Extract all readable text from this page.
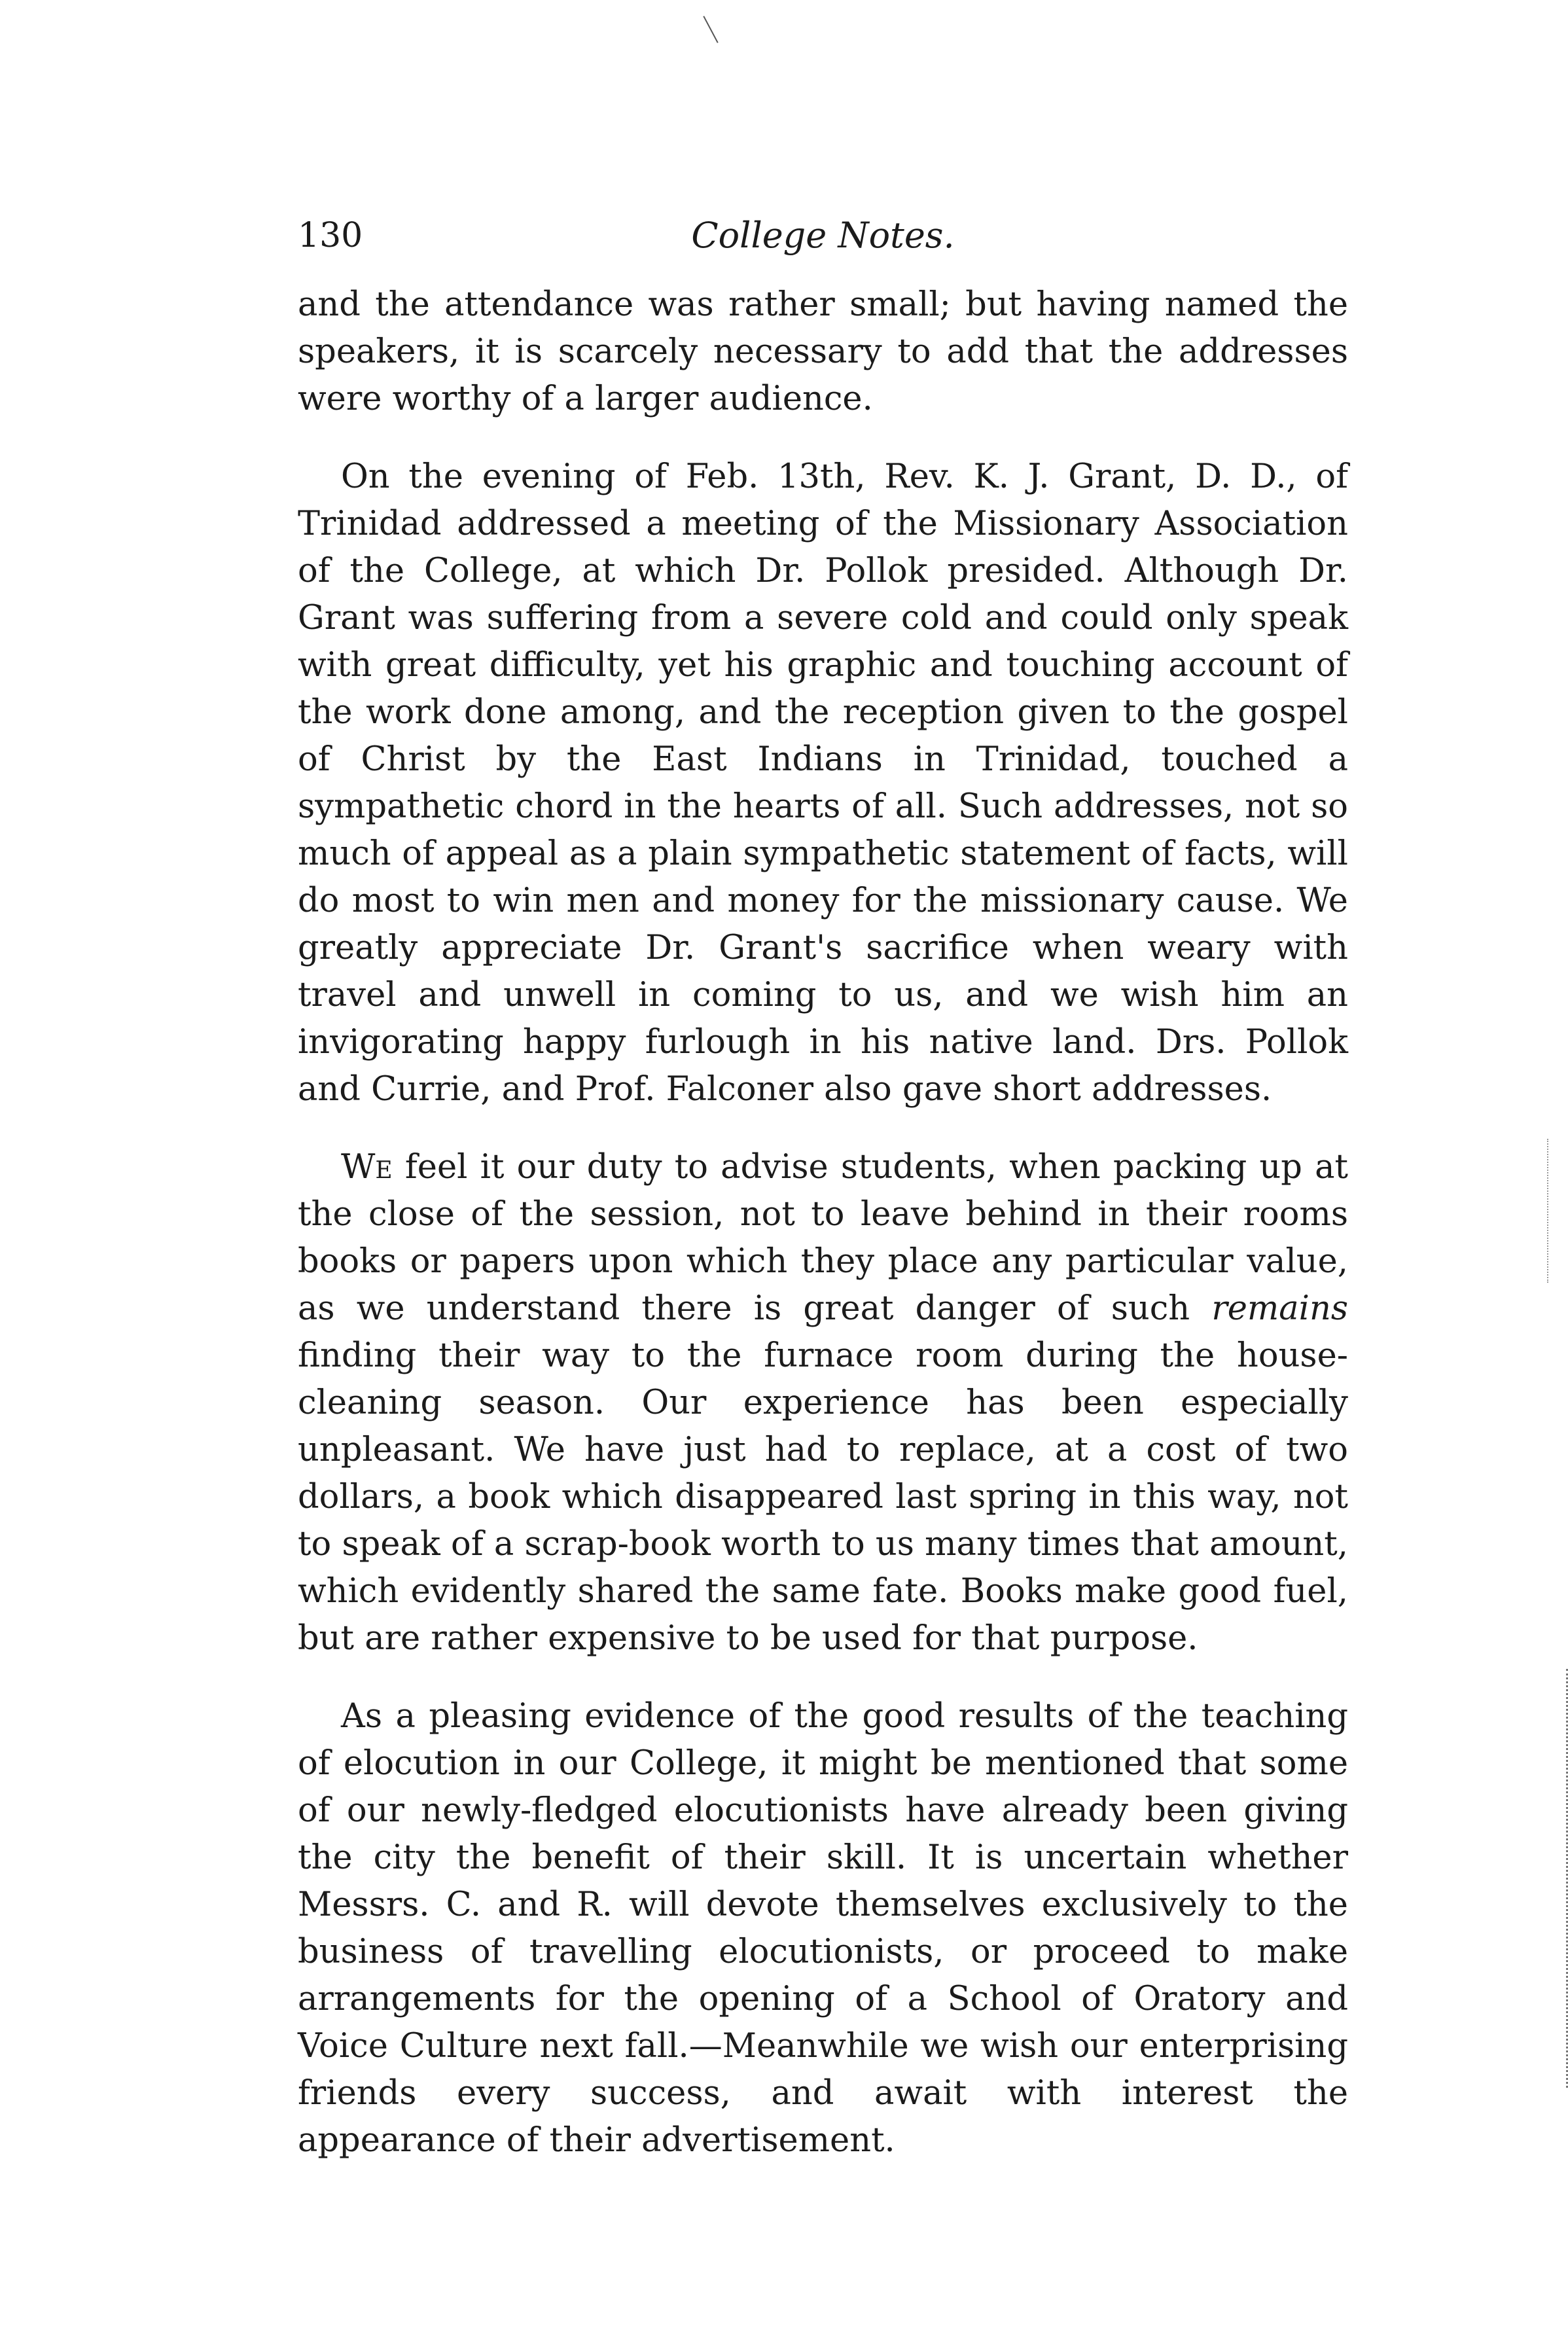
130	College Notes.

and the attendance was rather small; but having named the speakers, it is scarcely necessary to add that the addresses were worthy of a larger audience.

On the evening of Feb. 13th, Rev. K. J. Grant, D. D., of Trinidad addressed a meeting of the Missionary Association of the College, at which Dr. Pollok presided. Although Dr. Grant was suffering from a severe cold and could only speak with great difficulty, yet his graphic and touching account of the work done among, and the reception given to the gospel of Christ by the East Indians in Trinidad, touched a sympathetic chord in the hearts of all. Such addresses, not so much of appeal as a plain sympathetic statement of facts, will do most to win men and money for the missionary cause. We greatly appreciate Dr. Grant's sacrifice when weary with travel and unwell in coming to us, and we wish him an invigorating happy furlough in his native land. Drs. Pollok and Currie, and Prof. Falconer also gave short addresses.

We feel it our duty to advise students, when packing up at the close of the session, not to leave behind in their rooms books or papers upon which they place any particular value, as we understand there is great danger of such remains finding their way to the furnace room during the house-cleaning season. Our experience has been especially unpleasant. We have just had to replace, at a cost of two dollars, a book which disappeared last spring in this way, not to speak of a scrap-book worth to us many times that amount, which evidently shared the same fate. Books make good fuel, but are rather expensive to be used for that purpose.

As a pleasing evidence of the good results of the teaching of elocution in our College, it might be mentioned that some of our newly-fledged elocutionists have already been giving the city the benefit of their skill. It is uncertain whether Messrs. C. and R. will devote themselves exclusively to the business of travelling elocutionists, or proceed to make arrangements for the opening of a School of Oratory and Voice Culture next fall.—Meanwhile we wish our enterprising friends every success, and await with interest the appearance of their advertisement.
